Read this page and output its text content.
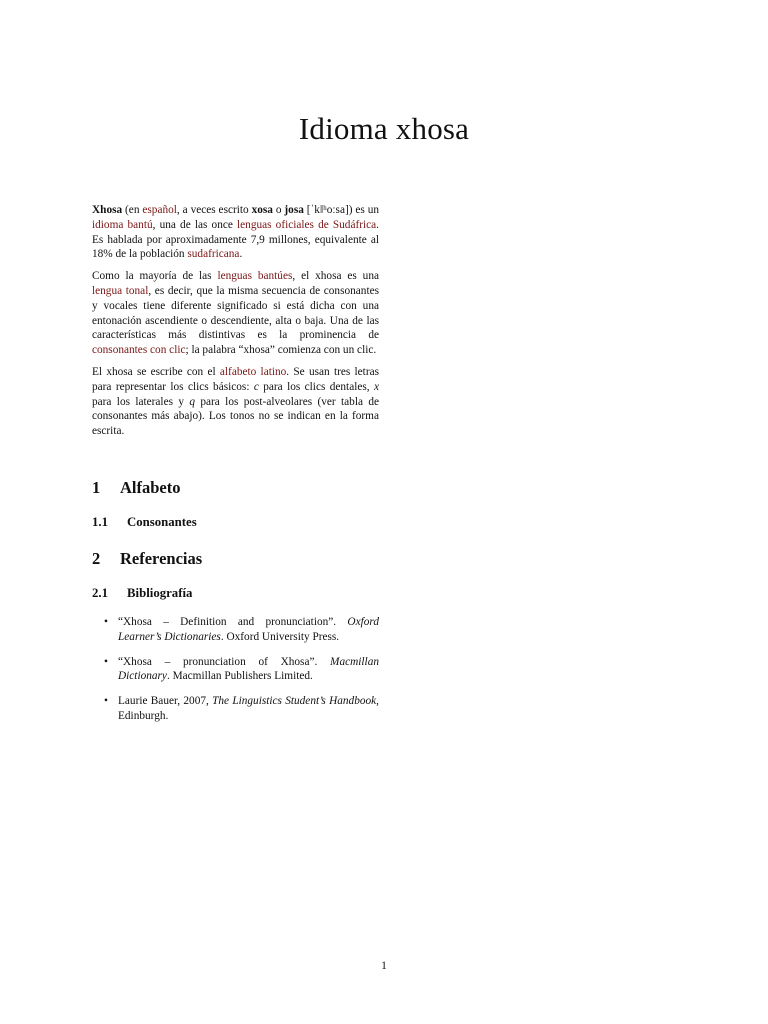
Idioma xhosa

Xhosa (en español, a veces escrito xosa o josa [ˈkǁʰoːsa]) es un idioma bantú, una de las once lenguas oficiales de Sudáfrica. Es hablada por aproximadamente 7,9 millones, equivalente al 18% de la población sudafricana.

Como la mayoría de las lenguas bantúes, el xhosa es una lengua tonal, es decir, que la misma secuencia de consonantes y vocales tiene diferente significado si está dicha con una entonación ascendiente o descendiente, alta o baja. Una de las características más distintivas es la prominencia de consonantes con clic; la palabra “xhosa” comienza con un clic.

El xhosa se escribe con el alfabeto latino. Se usan tres letras para representar los clics básicos: c para los clics dentales, x para los laterales y q para los post-alveolares (ver tabla de consonantes más abajo). Los tonos no se indican en la forma escrita.

1 Alfabeto
1.1 Consonantes
2 Referencias
2.1 Bibliografía
• “Xhosa – Definition and pronunciation”. Oxford Learner’s Dictionaries. Oxford University Press.
• “Xhosa – pronunciation of Xhosa”. Macmillan Dictionary. Macmillan Publishers Limited.
• Laurie Bauer, 2007, The Linguistics Student’s Handbook, Edinburgh.
1
